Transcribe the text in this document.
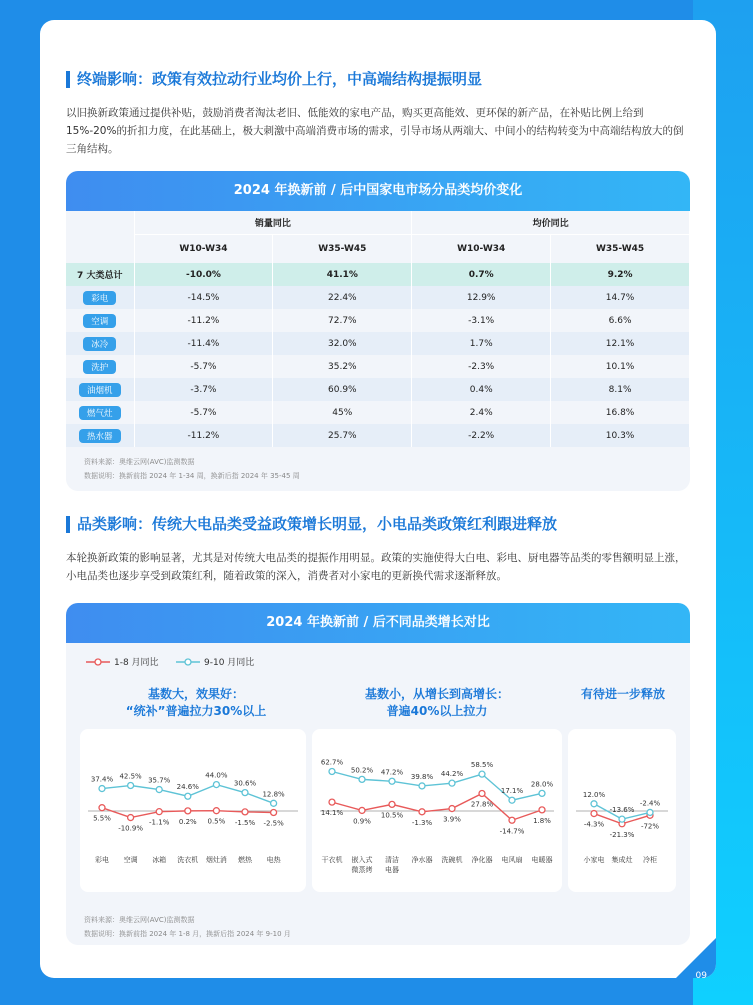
终端影响：政策有效拉动行业均价上行，中高端结构提振明显
以旧换新政策通过提供补贴，鼓励消费者淘汰老旧、低能效的家电产品，购买更高能效、更环保的新产品，在补贴比例上给到15%-20%的折扣力度，在此基础上，极大刺激中高端消费市场的需求，引导市场从两端大、中间小的结构转变为中高端结构放大的倒三角结构。
2024 年换新前 / 后中国家电市场分品类均价变化
	销量同比		均价同比	
	W10-W34	W35-W45	W10-W34	W35-W45
7 大类总计	-10.0%	41.1%	0.7%	9.2%
彩电	-14.5%	22.4%	12.9%	14.7%
空调	-11.2%	72.7%	-3.1%	6.6%
冰冷	-11.4%	32.0%	1.7%	12.1%
洗护	-5.7%	35.2%	-2.3%	10.1%
油烟机	-3.7%	60.9%	0.4%	8.1%
燃气灶	-5.7%	45%	2.4%	16.8%
热水器	-11.2%	25.7%	-2.2%	10.3%
资料来源：奥维云网(AVC)监测数据
数据说明：换新前指 2024 年 1-34 周，换新后指 2024 年 35-45 周
品类影响：传统大电品类受益政策增长明显，小电品类政策红利跟进释放
本轮换新政策的影响显著，尤其是对传统大电品类的提振作用明显。政策的实施使得大白电、彩电、厨电器等品类的零售额明显上涨，小电品类也逐步享受到政策红利，随着政策的深入，消费者对小家电的更新换代需求逐渐释放。
2024 年换新前 / 后不同品类增长对比
1-8 月同比	9-10 月同比
基数大，效果好：
“统补”普遍拉力30%以上
基数小，从增长到高增长：
普遍40%以上拉力
有待进一步释放
5.5%
-10.9%
-1.1% 0.2% 0.5% -1.5% -2.5%
37.4% 42.5%
35.7%
24.6%
44.0%
30.6%
12.8%
彩电 空调 冰箱 洗衣机 烟灶消 燃热 电热
14.1%
0.9%
10.5%
-1.3% 3.9%
27.8%
-14.7%
1.8%
62.7%
50.2% 47.2%
39.8% 44.2%
58.5%
17.1%
28.0%
干衣机 嵌入式
微蒸烤
清洁
电器
净水器 洗碗机 净化器 电风扇 电暖器
-4.3%
-21.3%
-72%
12.0%
-13.6%
-2.4%
小家电 集成灶 冷柜
资料来源：奥维云网(AVC)监测数据
数据说明：换新前指 2024 年 1-8 月，换新后指 2024 年 9-10 月
09
